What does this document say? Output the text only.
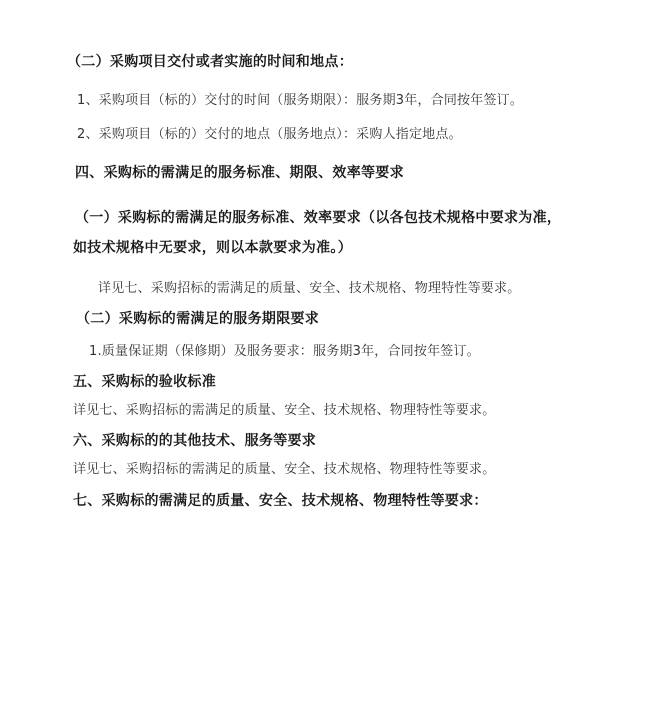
（二）采购项目交付或者实施的时间和地点：
1、采购项目（标的）交付的时间（服务期限）：服务期3年，合同按年签订。
2、采购项目（标的）交付的地点（服务地点）：采购人指定地点。
四、采购标的需满足的服务标准、期限、效率等要求
（一）采购标的需满足的服务标准、效率要求（以各包技术规格中要求为准，
如技术规格中无要求，则以本款要求为准。）
详见七、采购招标的需满足的质量、安全、技术规格、物理特性等要求。
（二）采购标的需满足的服务期限要求
1.质量保证期（保修期）及服务要求：服务期3年，合同按年签订。
五、采购标的验收标准
详见七、采购招标的需满足的质量、安全、技术规格、物理特性等要求。
六、采购标的的其他技术、服务等要求
详见七、采购招标的需满足的质量、安全、技术规格、物理特性等要求。
七、采购标的需满足的质量、安全、技术规格、物理特性等要求：
